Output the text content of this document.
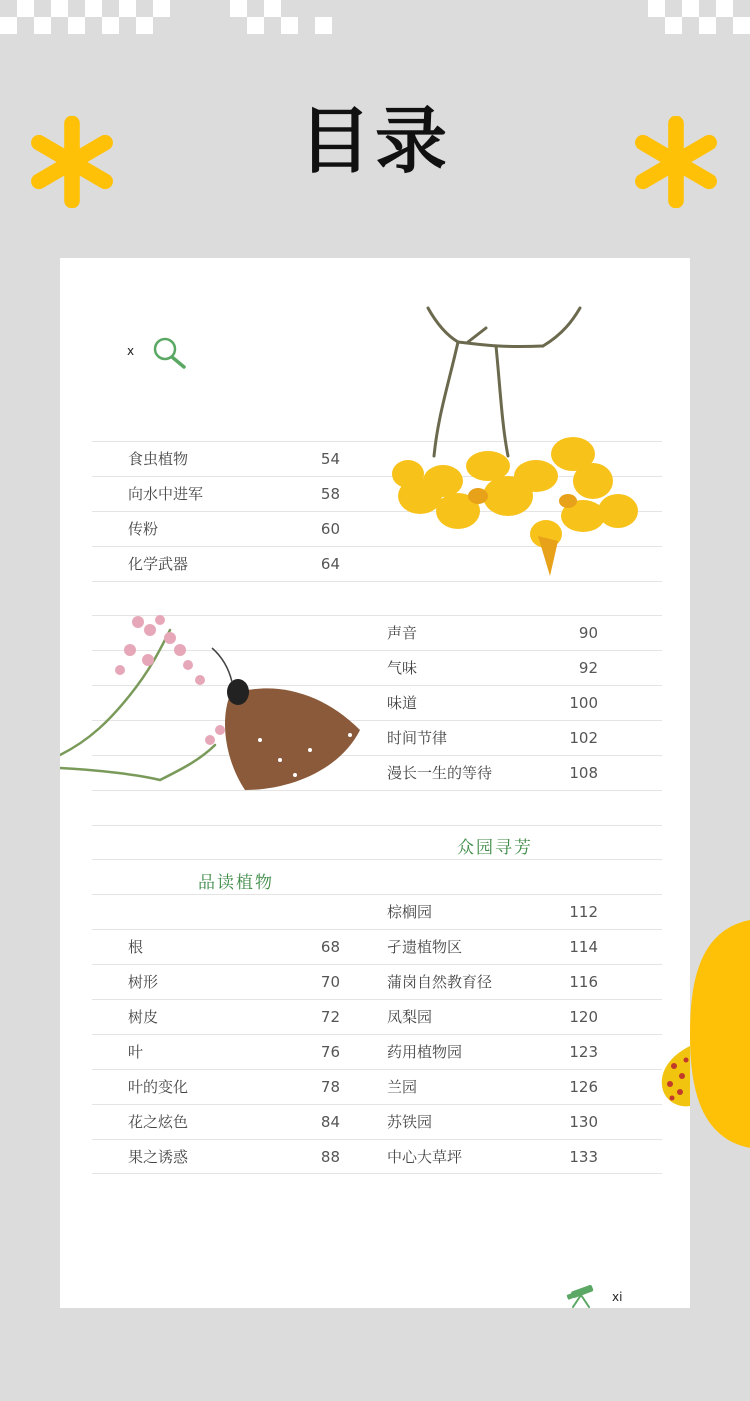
目录
x
食虫植物	54
向水中进军	58
传粉	60
化学武器	64
声音	90
气味	92
味道	100
时间节律	102
漫长一生的等待	108
众园寻芳
品读植物
根	68
树形	70
树皮	72
叶	76
叶的变化	78
花之炫色	84
果之诱惑	88
棕榈园	112
孑遗植物区	114
蒲岗自然教育径	116
凤梨园	120
药用植物园	123
兰园	126
苏铁园	130
中心大草坪	133
xi
